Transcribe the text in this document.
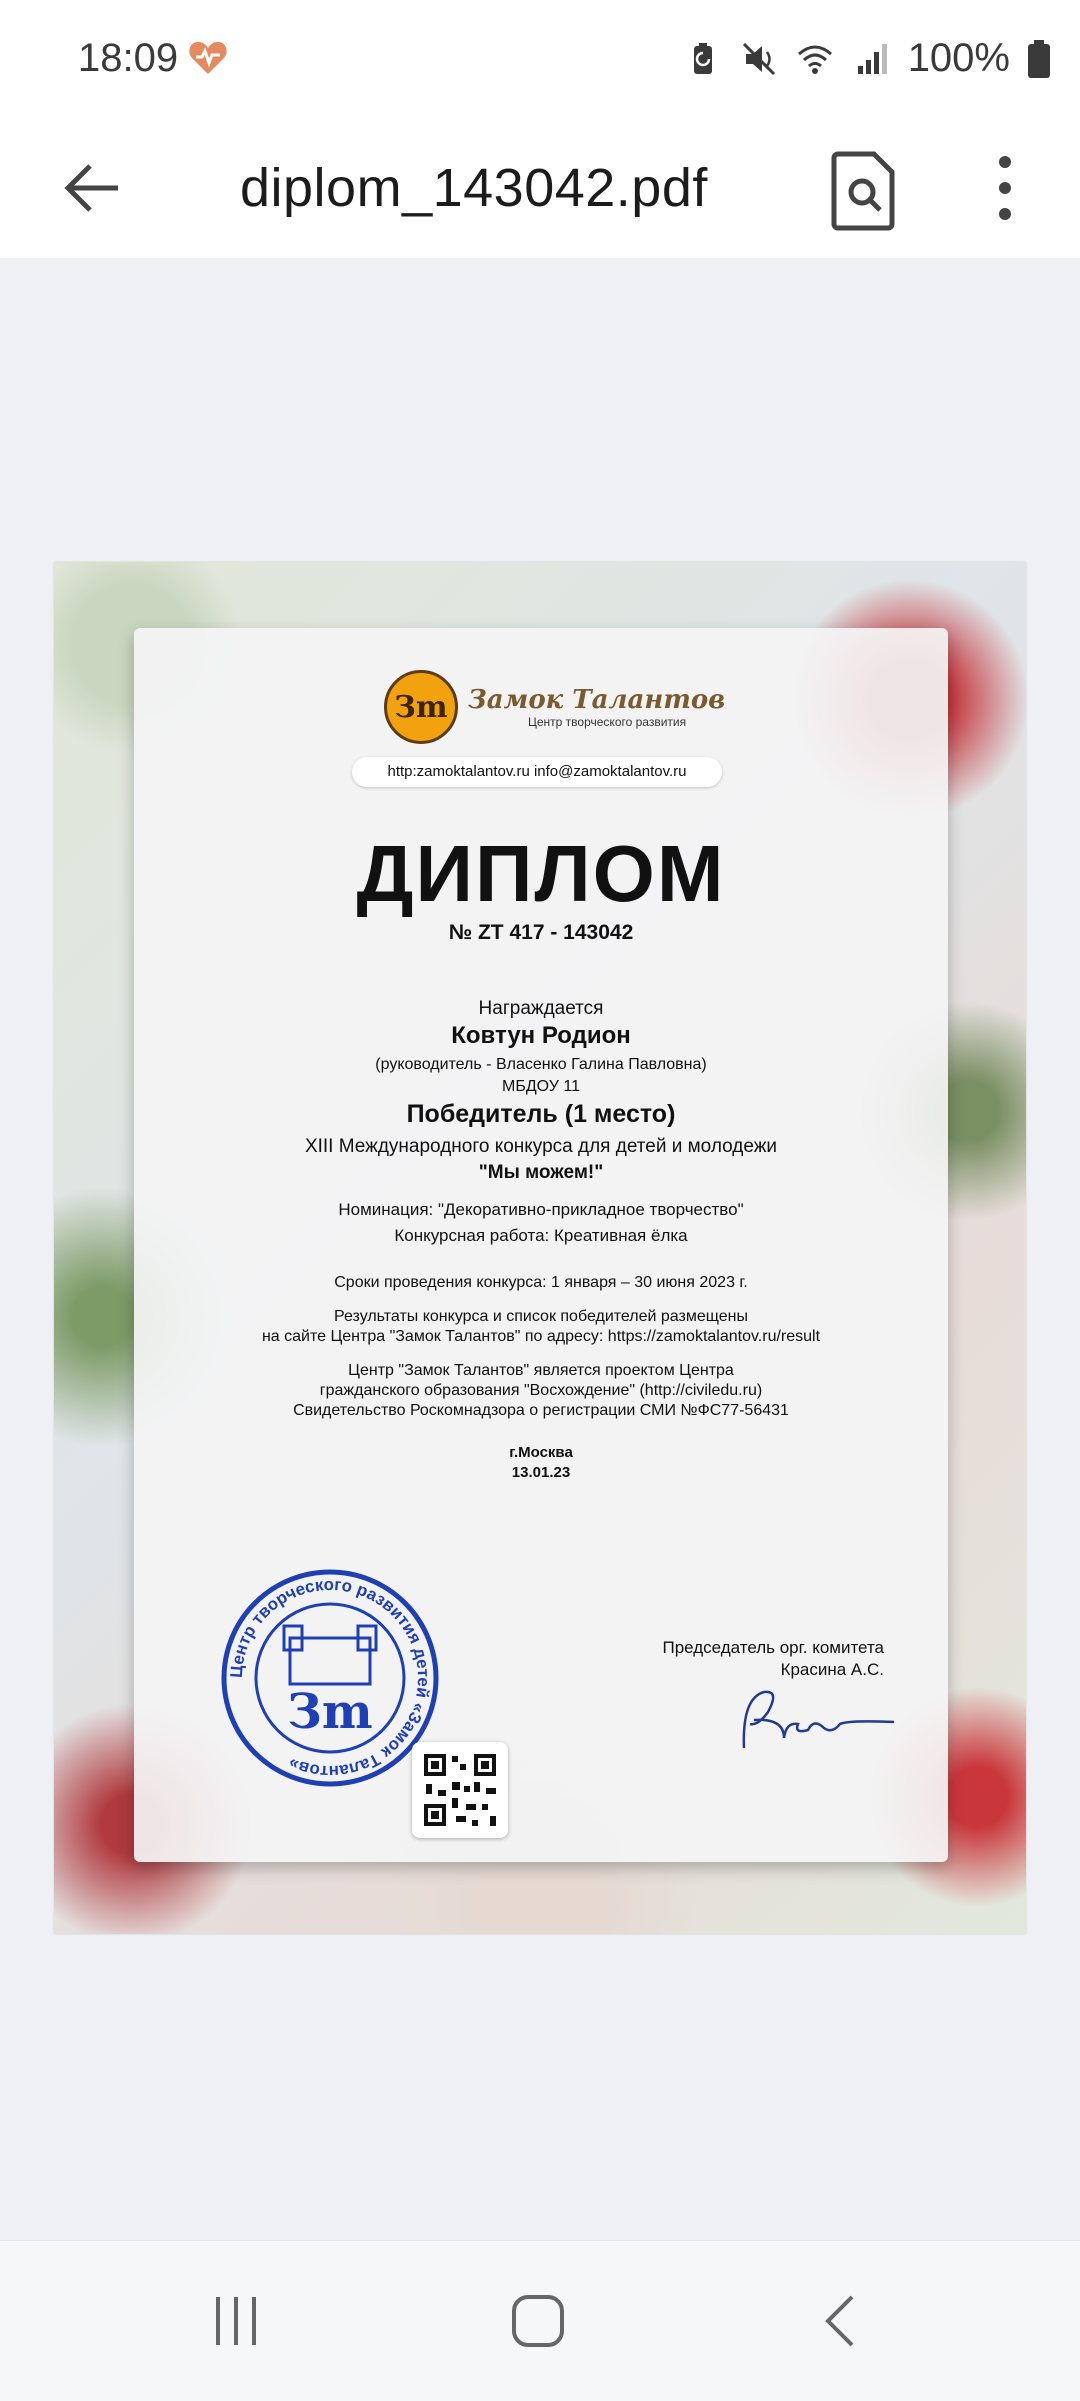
18:09	100%
diplom_143042.pdf
Зm Замок Талантов
Центр творческого развития
http:zamoktalantov.ru info@zamoktalantov.ru
ДИПЛОМ
№ ZT 417 - 143042
Награждается
Ковтун Родион
(руководитель - Власенко Галина Павловна)
МБДОУ 11
Победитель (1 место)
XIII Международного конкурса для детей и молодежи
"Мы можем!"
Номинация: "Декоративно-прикладное творчество"
Конкурсная работа: Креативная ёлка
Сроки проведения конкурса: 1 января – 30 июня 2023 г.
Результаты конкурса и список победителей размещены
на сайте Центра "Замок Талантов" по адресу: https://zamoktalantov.ru/result
Центр "Замок Талантов" является проектом Центра
гражданского образования "Восхождение" (http://civiledu.ru)
Свидетельство Роскомнадзора о регистрации СМИ №ФС77-56431
г.Москва
13.01.23
Центр творческого развития детей «Замок Талантов»
Зm
Председатель орг. комитета
Красина А.С.
